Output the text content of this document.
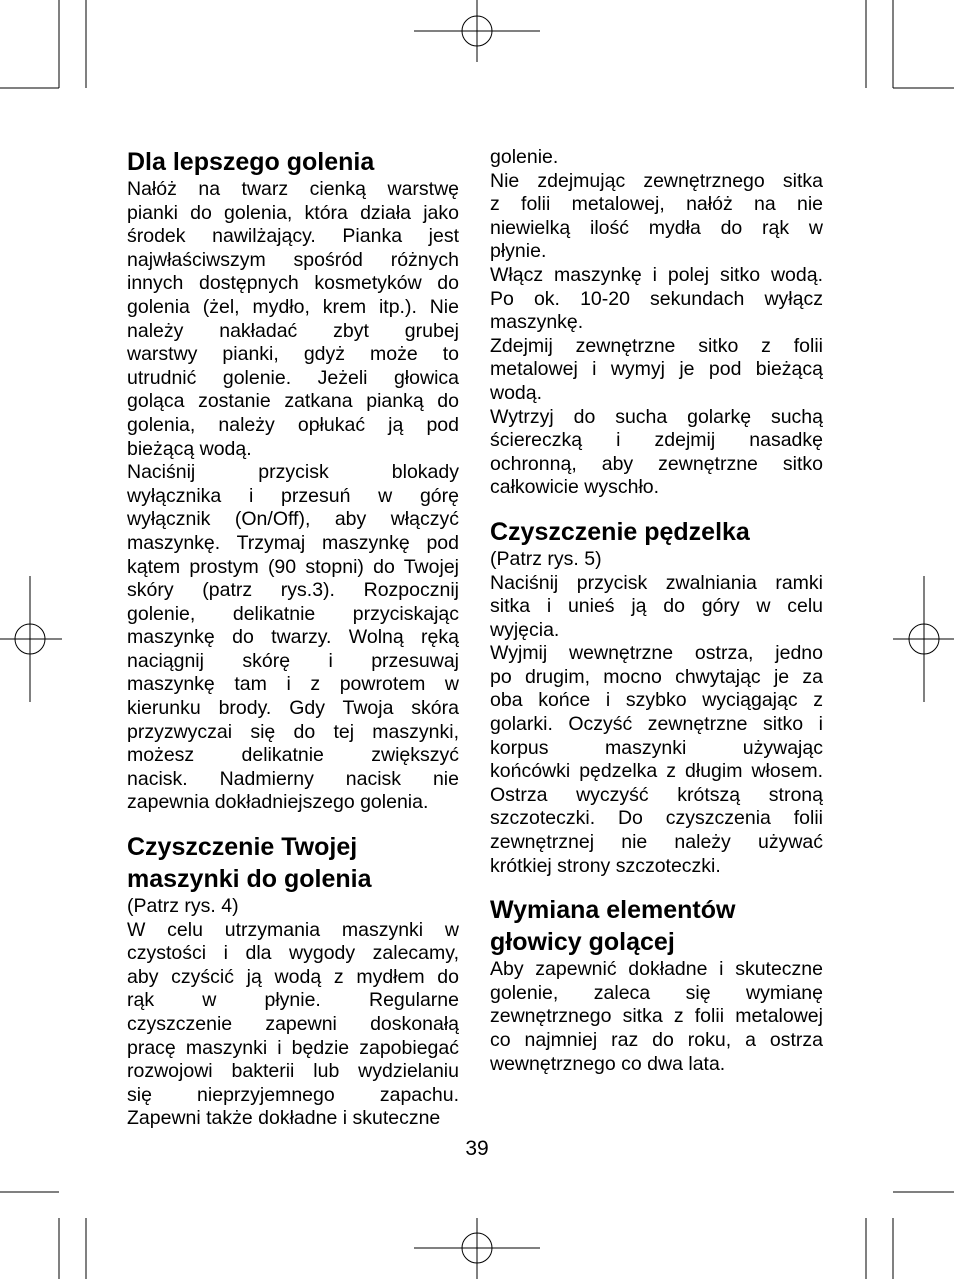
Dla lepszego golenia

Nałóż na twarz cienką warstwę
pianki do golenia, która działa jako
środek nawilżający. Pianka jest
najwłaściwszym spośród różnych
innych dostępnych kosmetyków do
golenia (żel, mydło, krem itp.). Nie
należy nakładać zbyt grubej
warstwy pianki, gdyż może to
utrudnić golenie. Jeżeli głowica
goląca zostanie zatkana pianką do
golenia, należy opłukać ją pod
bieżącą wodą.

Naciśnij przycisk blokady
wyłącznika i przesuń w górę
wyłącznik (On/Off), aby włączyć
maszynkę. Trzymaj maszynkę pod
kątem prostym (90 stopni) do Twojej
skóry (patrz rys.3). Rozpocznij
golenie, delikatnie przyciskając
maszynkę do twarzy. Wolną ręką
naciągnij skórę i przesuwaj
maszynkę tam i z powrotem w
kierunku brody. Gdy Twoja skóra
przyzwyczai się do tej maszynki,
możesz delikatnie zwiększyć
nacisk. Nadmierny nacisk nie
zapewnia dokładniejszego golenia.

Czyszczenie Twojej
maszynki do golenia

(Patrz rys. 4)

W celu utrzymania maszynki w
czystości i dla wygody zalecamy,
aby czyścić ją wodą z mydłem do
rąk w płynie. Regularne
czyszczenie zapewni doskonałą
pracę maszynki i będzie zapobiegać
rozwojowi bakterii lub wydzielaniu
się nieprzyjemnego zapachu.
Zapewni także dokładne i skuteczne

golenie.

Nie zdejmując zewnętrznego sitka
z folii metalowej, nałóż na nie
niewielką ilość mydła do rąk w
płynie.

Włącz maszynkę i polej sitko wodą.
Po ok. 10-20 sekundach wyłącz
maszynkę.

Zdejmij zewnętrzne sitko z folii
metalowej i wymyj je pod bieżącą
wodą.

Wytrzyj do sucha golarkę suchą
ściereczką i zdejmij nasadkę
ochronną, aby zewnętrzne sitko
całkowicie wyschło.

Czyszczenie pędzelka

(Patrz rys. 5)

Naciśnij przycisk zwalniania ramki
sitka i unieś ją do góry w celu
wyjęcia.

Wyjmij wewnętrzne ostrza, jedno
po drugim, mocno chwytając je za
oba końce i szybko wyciągając z
golarki. Oczyść zewnętrzne sitko i
korpus maszynki używając
końcówki pędzelka z długim włosem.
Ostrza wyczyść krótszą stroną
szczoteczki. Do czyszczenia folii
zewnętrznej nie należy używać
krótkiej strony szczoteczki.

Wymiana elementów
głowicy golącej

Aby zapewnić dokładne i skuteczne
golenie, zaleca się wymianę
zewnętrznego sitka z folii metalowej
co najmniej raz do roku, a ostrza
wewnętrznego co dwa lata.

39
